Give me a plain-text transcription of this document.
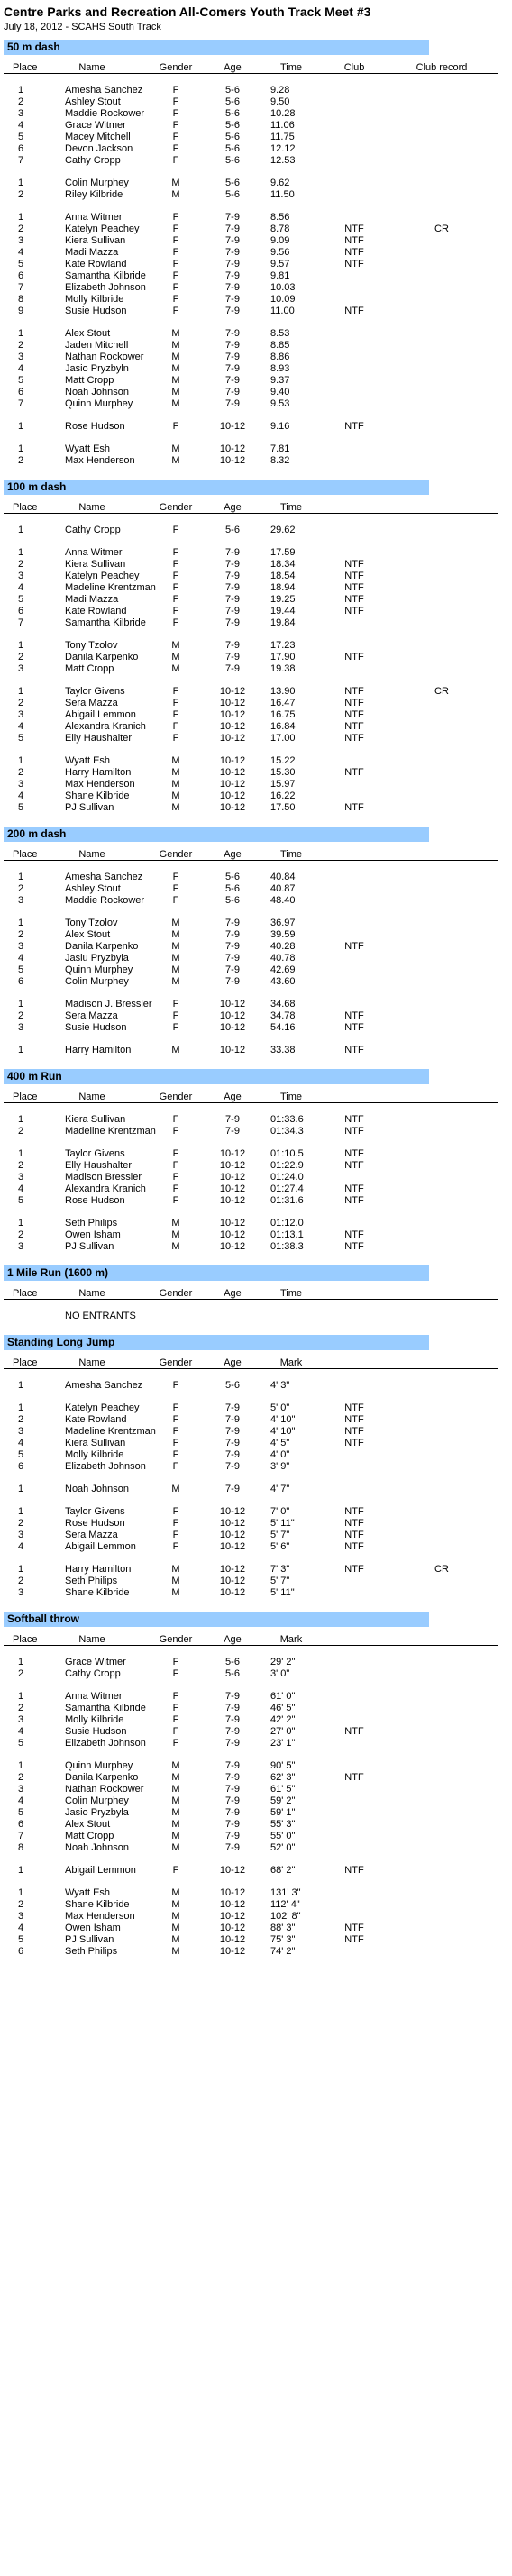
Centre Parks and Recreation All-Comers Youth Track Meet #3
July 18, 2012 - SCAHS South Track
50 m dash
Place	Name	Gender	Age	Time	Club	Club record

1	Amesha Sanchez	F	5-6	9.28		
2	Ashley Stout	F	5-6	9.50		
3	Maddie Rockower	F	5-6	10.28		
4	Grace Witmer	F	5-6	11.06		
5	Macey Mitchell	F	5-6	11.75		
6	Devon Jackson	F	5-6	12.12		
7	Cathy Cropp	F	5-6	12.53		

1	Colin Murphey	M	5-6	9.62		
2	Riley Kilbride	M	5-6	11.50		

1	Anna Witmer	F	7-9	8.56		
2	Katelyn Peachey	F	7-9	8.78	NTF	CR
3	Kiera Sullivan	F	7-9	9.09	NTF	
4	Madi Mazza	F	7-9	9.56	NTF	
5	Kate Rowland	F	7-9	9.57	NTF	
6	Samantha Kilbride	F	7-9	9.81		
7	Elizabeth Johnson	F	7-9	10.03		
8	Molly Kilbride	F	7-9	10.09		
9	Susie Hudson	F	7-9	11.00	NTF	

1	Alex Stout	M	7-9	8.53		
2	Jaden Mitchell	M	7-9	8.85		
3	Nathan Rockower	M	7-9	8.86		
4	Jasio Pryzbyln	M	7-9	8.93		
5	Matt Cropp	M	7-9	9.37		
6	Noah Johnson	M	7-9	9.40		
7	Quinn Murphey	M	7-9	9.53		

1	Rose Hudson	F	10-12	9.16	NTF	

1	Wyatt Esh	M	10-12	7.81		
2	Max Henderson	M	10-12	8.32		
100 m dash
Place	Name	Gender	Age	Time		

1	Cathy Cropp	F	5-6	29.62		

1	Anna Witmer	F	7-9	17.59		
2	Kiera Sullivan	F	7-9	18.34	NTF	
3	Katelyn Peachey	F	7-9	18.54	NTF	
4	Madeline Krentzman	F	7-9	18.94	NTF	
5	Madi Mazza	F	7-9	19.25	NTF	
6	Kate Rowland	F	7-9	19.44	NTF	
7	Samantha Kilbride	F	7-9	19.84		

1	Tony Tzolov	M	7-9	17.23		
2	Danila Karpenko	M	7-9	17.90	NTF	
3	Matt Cropp	M	7-9	19.38		

1	Taylor Givens	F	10-12	13.90	NTF	CR
2	Sera Mazza	F	10-12	16.47	NTF	
3	Abigail Lemmon	F	10-12	16.75	NTF	
4	Alexandra Kranich	F	10-12	16.84	NTF	
5	Elly Haushalter	F	10-12	17.00	NTF	

1	Wyatt Esh	M	10-12	15.22		
2	Harry Hamilton	M	10-12	15.30	NTF	
3	Max Henderson	M	10-12	15.97		
4	Shane Kilbride	M	10-12	16.22		
5	PJ Sullivan	M	10-12	17.50	NTF	
200 m dash
Place	Name	Gender	Age	Time		

1	Amesha Sanchez	F	5-6	40.84		
2	Ashley Stout	F	5-6	40.87		
3	Maddie Rockower	F	5-6	48.40		

1	Tony Tzolov	M	7-9	36.97		
2	Alex Stout	M	7-9	39.59		
3	Danila Karpenko	M	7-9	40.28	NTF	
4	Jasiu Pryzbyla	M	7-9	40.78		
5	Quinn Murphey	M	7-9	42.69		
6	Colin Murphey	M	7-9	43.60		

1	Madison J. Bressler	F	10-12	34.68		
2	Sera Mazza	F	10-12	34.78	NTF	
3	Susie Hudson	F	10-12	54.16	NTF	

1	Harry Hamilton	M	10-12	33.38	NTF	
400 m Run
Place	Name	Gender	Age	Time		

1	Kiera Sullivan	F	7-9	01:33.6	NTF	
2	Madeline Krentzman	F	7-9	01:34.3	NTF	

1	Taylor Givens	F	10-12	01:10.5	NTF	
2	Elly Haushalter	F	10-12	01:22.9	NTF	
3	Madison Bressler	F	10-12	01:24.0		
4	Alexandra Kranich	F	10-12	01:27.4	NTF	
5	Rose Hudson	F	10-12	01:31.6	NTF	

1	Seth Philips	M	10-12	01:12.0		
2	Owen Isham	M	10-12	01:13.1	NTF	
3	PJ Sullivan	M	10-12	01:38.3	NTF	
1 Mile Run (1600 m)
Place	Name	Gender	Age	Time		

	NO ENTRANTS					
Standing Long Jump
Place	Name	Gender	Age	Mark		

1	Amesha Sanchez	F	5-6	4' 3"		

1	Katelyn Peachey	F	7-9	5' 0"	NTF	
2	Kate Rowland	F	7-9	4' 10"	NTF	
3	Madeline Krentzman	F	7-9	4' 10"	NTF	
4	Kiera Sullivan	F	7-9	4' 5"	NTF	
5	Molly Kilbride	F	7-9	4' 0"		
6	Elizabeth Johnson	F	7-9	3' 9"		

1	Noah Johnson	M	7-9	4' 7"		

1	Taylor Givens	F	10-12	7' 0"	NTF	
2	Rose Hudson	F	10-12	5' 11"	NTF	
3	Sera Mazza	F	10-12	5' 7"	NTF	
4	Abigail Lemmon	F	10-12	5' 6"	NTF	

1	Harry Hamilton	M	10-12	7' 3"	NTF	CR
2	Seth Philips	M	10-12	5' 7"		
3	Shane Kilbride	M	10-12	5' 11"		
Softball throw
Place	Name	Gender	Age	Mark		

1	Grace Witmer	F	5-6	29' 2"		
2	Cathy Cropp	F	5-6	3' 0"		

1	Anna Witmer	F	7-9	61' 0"		
2	Samantha Kilbride	F	7-9	46' 5"		
3	Molly Kilbride	F	7-9	42' 2"		
4	Susie Hudson	F	7-9	27' 0"	NTF	
5	Elizabeth Johnson	F	7-9	23' 1"		

1	Quinn Murphey	M	7-9	90' 5"		
2	Danila Karpenko	M	7-9	62' 3"	NTF	
3	Nathan Rockower	M	7-9	61' 5"		
4	Colin Murphey	M	7-9	59' 2"		
5	Jasio Pryzbyla	M	7-9	59' 1"		
6	Alex Stout	M	7-9	55' 3"		
7	Matt Cropp	M	7-9	55' 0"		
8	Noah Johnson	M	7-9	52' 0"		

1	Abigail Lemmon	F	10-12	68' 2"	NTF	

1	Wyatt Esh	M	10-12	131' 3"		
2	Shane Kilbride	M	10-12	112' 4"		
3	Max Henderson	M	10-12	102' 8"		
4	Owen Isham	M	10-12	88' 3"	NTF	
5	PJ Sullivan	M	10-12	75' 3"	NTF	
6	Seth Philips	M	10-12	74' 2"		
